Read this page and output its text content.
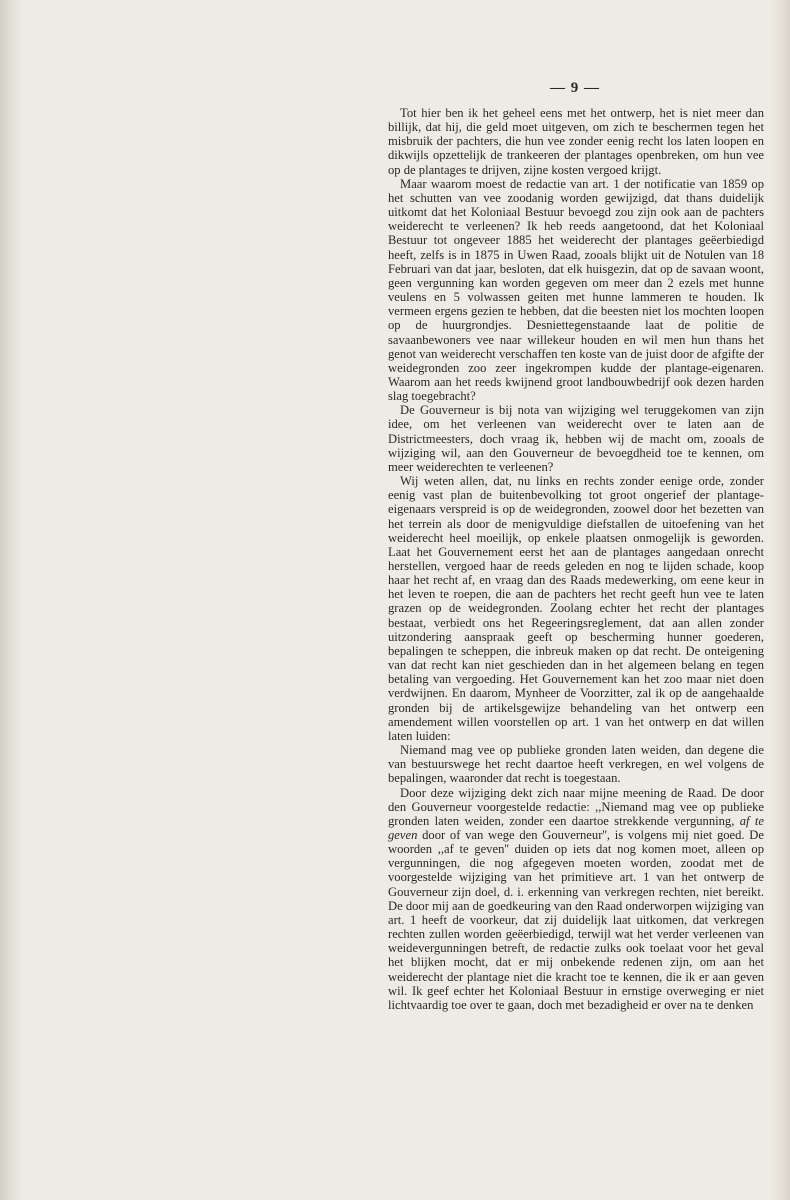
— 9 —

Tot hier ben ik het geheel eens met het ontwerp, het is niet meer dan billijk, dat hij, die geld moet uitgeven, om zich te beschermen tegen het misbruik der pachters, die hun vee zonder eenig recht los laten loopen en dikwijls opzettelijk de trankeeren der plantages openbreken, om hun vee op de plantages te drijven, zijne kosten vergoed krijgt.

Maar waarom moest de redactie van art. 1 der notificatie van 1859 op het schutten van vee zoodanig worden gewijzigd, dat thans duidelijk uitkomt dat het Koloniaal Bestuur bevoegd zou zijn ook aan de pachters weiderecht te verleenen? Ik heb reeds aangetoond, dat het Koloniaal Bestuur tot ongeveer 1885 het weiderecht der plantages geëerbiedigd heeft, zelfs is in 1875 in Uwen Raad, zooals blijkt uit de Notulen van 18 Februari van dat jaar, besloten, dat elk huisgezin, dat op de savaan woont, geen vergunning kan worden gegeven om meer dan 2 ezels met hunne veulens en 5 volwassen geiten met hunne lammeren te houden. Ik vermeen ergens gezien te hebben, dat die beesten niet los mochten loopen op de huurgrondjes. Desniettegenstaande laat de politie de savaanbewoners vee naar willekeur houden en wil men hun thans het genot van weiderecht verschaffen ten koste van de juist door de afgifte der weidegronden zoo zeer ingekrompen kudde der plantage-eigenaren. Waarom aan het reeds kwijnend groot landbouwbedrijf ook dezen harden slag toegebracht?

De Gouverneur is bij nota van wijziging wel teruggekomen van zijn idee, om het verleenen van weiderecht over te laten aan de Districtmeesters, doch vraag ik, hebben wij de macht om, zooals de wijziging wil, aan den Gouverneur de bevoegdheid toe te kennen, om meer weiderechten te verleenen?

Wij weten allen, dat, nu links en rechts zonder eenige orde, zonder eenig vast plan de buitenbevolking tot groot ongerief der plantage-eigenaars verspreid is op de weidegronden, zoowel door het bezetten van het terrein als door de menigvuldige diefstallen de uitoefening van het weiderecht heel moeilijk, op enkele plaatsen onmogelijk is geworden. Laat het Gouvernement eerst het aan de plantages aangedaan onrecht herstellen, vergoed haar de reeds geleden en nog te lijden schade, koop haar het recht af, en vraag dan des Raads medewerking, om eene keur in het leven te roepen, die aan de pachters het recht geeft hun vee te laten grazen op de weidegronden. Zoolang echter het recht der plantages bestaat, verbiedt ons het Regeeringsreglement, dat aan allen zonder uitzondering aanspraak geeft op bescherming hunner goederen, bepalingen te scheppen, die inbreuk maken op dat recht. De onteigening van dat recht kan niet geschieden dan in het algemeen belang en tegen betaling van vergoeding. Het Gouvernement kan het zoo maar niet doen verdwijnen. En daarom, Mynheer de Voorzitter, zal ik op de aangehaalde gronden bij de artikelsgewijze behandeling van het ontwerp een amendement willen voorstellen op art. 1 van het ontwerp en dat willen laten luiden:

Niemand mag vee op publieke gronden laten weiden, dan degene die van bestuurswege het recht daartoe heeft verkregen, en wel volgens de bepalingen, waaronder dat recht is toegestaan.

Door deze wijziging dekt zich naar mijne meening de Raad. De door den Gouverneur voorgestelde redactie: ,,Niemand mag vee op publieke gronden laten weiden, zonder een daartoe strekkende vergunning, af te geven door of van wege den Gouverneur'', is volgens mij niet goed. De woorden ,,af te geven'' duiden op iets dat nog komen moet, alleen op vergunningen, die nog afgegeven moeten worden, zoodat met de voorgestelde wijziging van het primitieve art. 1 van het ontwerp de Gouverneur zijn doel, d. i. erkenning van verkregen rechten, niet bereikt. De door mij aan de goedkeuring van den Raad onderworpen wijziging van art. 1 heeft de voorkeur, dat zij duidelijk laat uitkomen, dat verkregen rechten zullen worden geëerbiedigd, terwijl wat het verder verleenen van weidevergunningen betreft, de redactie zulks ook toelaat voor het geval het blijken mocht, dat er mij onbekende redenen zijn, om aan het weiderecht der plantage niet die kracht toe te kennen, die ik er aan geven wil. Ik geef echter het Koloniaal Bestuur in ernstige overweging er niet lichtvaardig toe over te gaan, doch met bezadigheid er over na te denken
